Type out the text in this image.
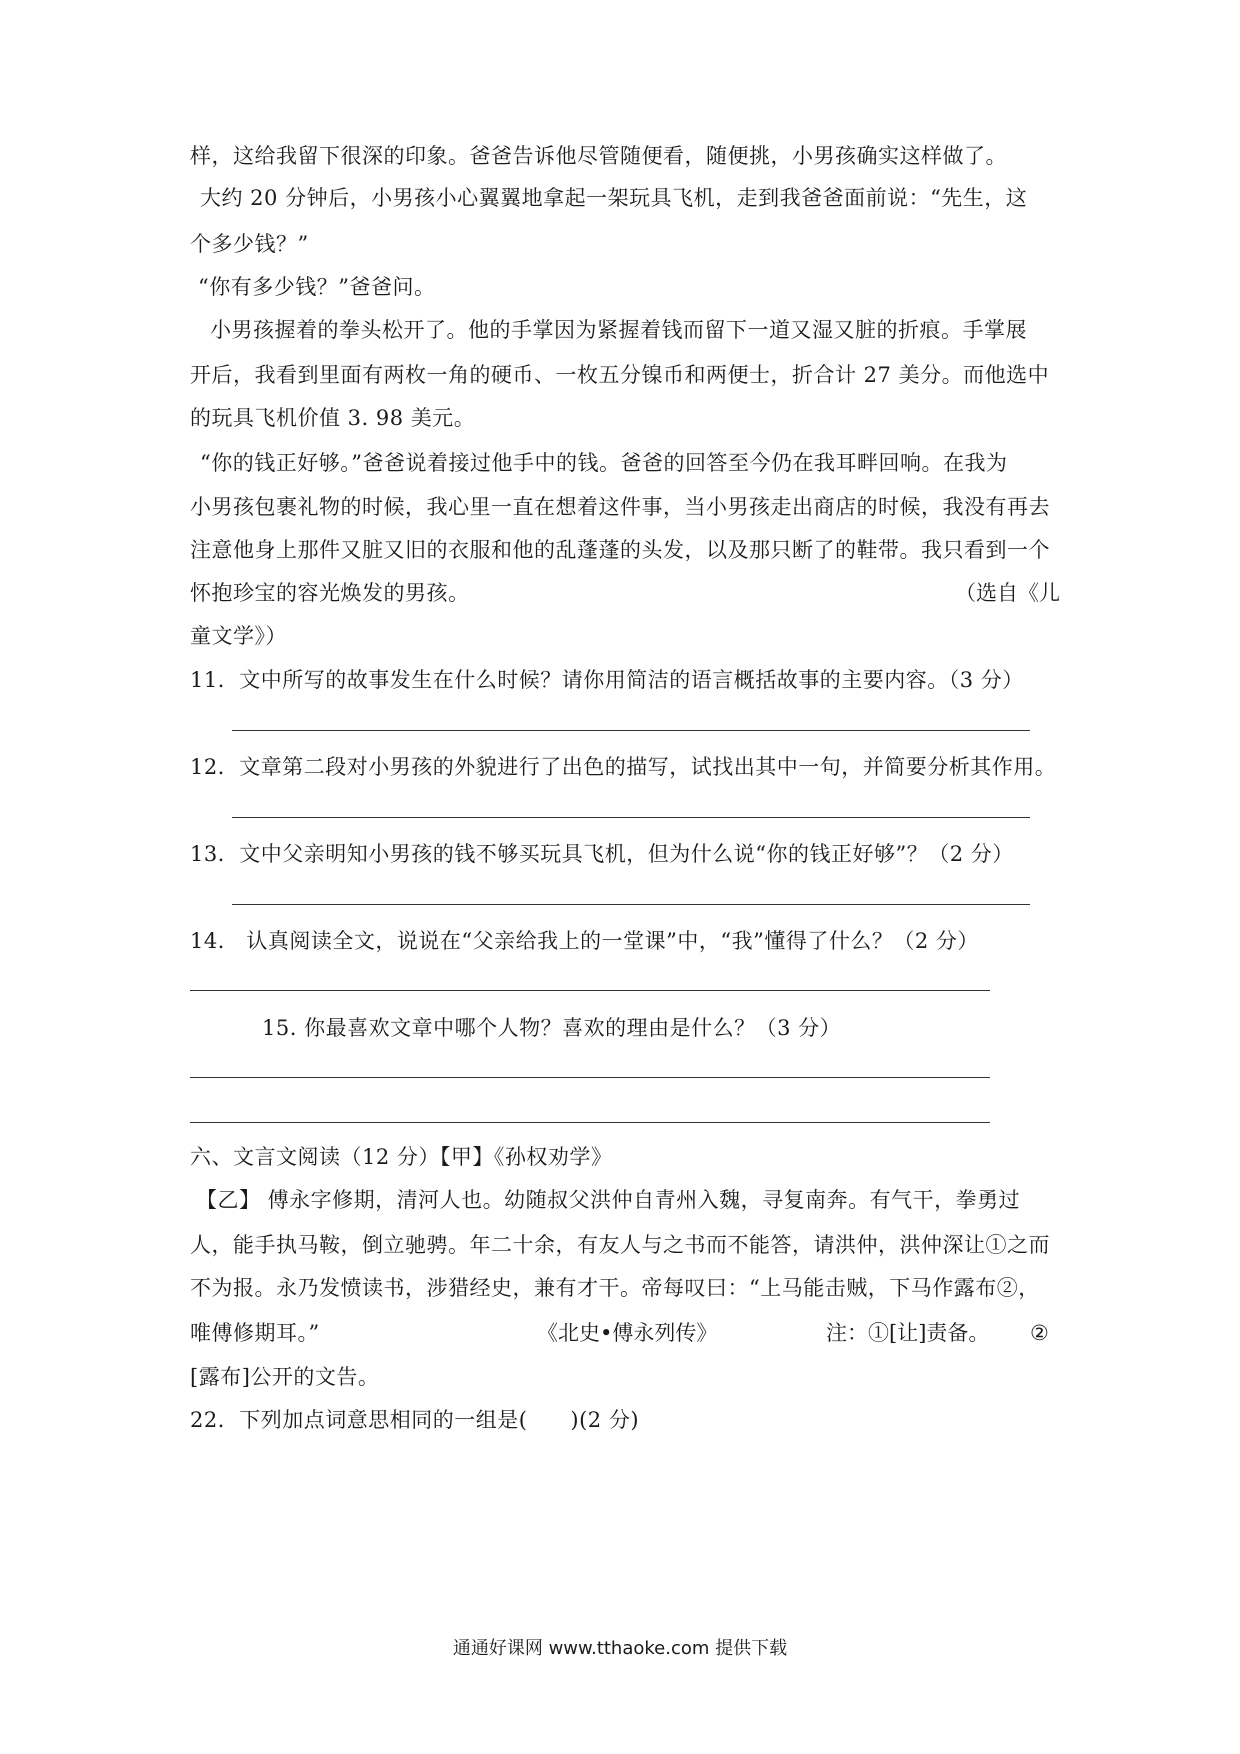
样，这给我留下很深的印象。爸爸告诉他尽管随便看，随便挑，小男孩确实这样做了。
大约 20 分钟后，小男孩小心翼翼地拿起一架玩具飞机，走到我爸爸面前说：“先生，这
个多少钱？”
“你有多少钱？”爸爸问。
小男孩握着的拳头松开了。他的手掌因为紧握着钱而留下一道又湿又脏的折痕。手掌展
开后，我看到里面有两枚一角的硬币、一枚五分镍币和两便士，折合计 27 美分。而他选中
的玩具飞机价值 3. 98 美元。
“你的钱正好够。”爸爸说着接过他手中的钱。爸爸的回答至今仍在我耳畔回响。在我为
小男孩包裹礼物的时候，我心里一直在想着这件事，当小男孩走出商店的时候，我没有再去
注意他身上那件又脏又旧的衣服和他的乱蓬蓬的头发，以及那只断了的鞋带。我只看到一个
怀抱珍宝的容光焕发的男孩。	（选自《儿
童文学》）
11．文中所写的故事发生在什么时候？请你用简洁的语言概括故事的主要内容。（3 分）
12．文章第二段对小男孩的外貌进行了出色的描写，试找出其中一句，并简要分析其作用。
13．文中父亲明知小男孩的钱不够买玩具飞机，但为什么说“你的钱正好够”？（2 分）
14． 认真阅读全文，说说在“父亲给我上的一堂课”中，“我”懂得了什么？（2 分）
15. 你最喜欢文章中哪个人物？喜欢的理由是什么？（3 分）
六、文言文阅读（12 分）【甲】《孙权劝学》
【乙】 傅永字修期，清河人也。幼随叔父洪仲自青州入魏，寻复南奔。有气干，拳勇过
人，能手执马鞍，倒立驰骋。年二十余，有友人与之书而不能答，请洪仲，洪仲深让①之而
不为报。永乃发愤读书，涉猎经史，兼有才干。帝每叹曰：“上马能击贼，下马作露布②，
唯傅修期耳。”	《北史•傅永列传》	注：①[让]责备。 ②
[露布]公开的文告。
22．下列加点词意思相同的一组是(　　)(2 分)
通通好课网 www.tthaoke.com 提供下载
